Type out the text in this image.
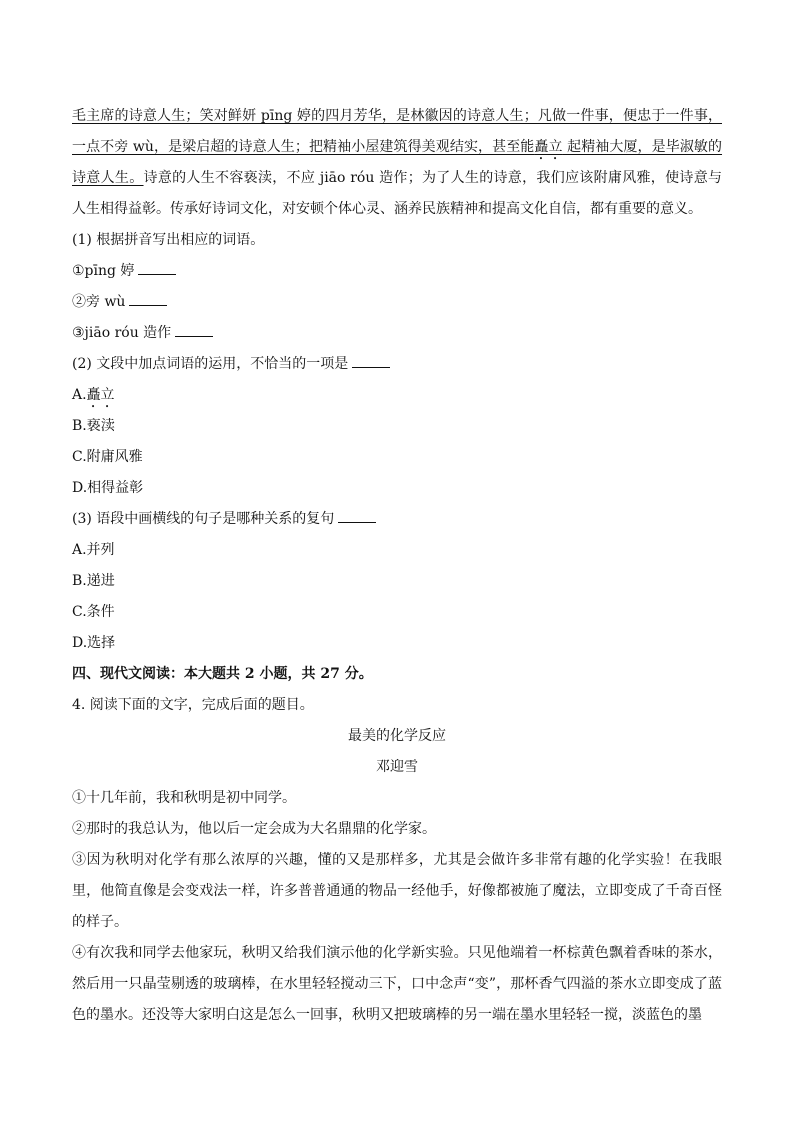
毛主席的诗意人生；笑对鲜妍 pīng 婷的四月芳华，是林徽因的诗意人生；凡做一件事，便忠于一件事，一点不旁 wù，是梁启超的诗意人生；把精袖小屋建筑得美观结实，甚至能矗立 起精袖大厦，是毕淑敏的诗意人生。诗意的人生不容亵渎，不应 jiāo róu 造作；为了人生的诗意，我们应该附庸风雅，使诗意与人生相得益彰。传承好诗词文化，对安顿个体心灵、涵养民族精神和提高文化自信，都有重要的意义。

(1) 根据拼音写出相应的词语。

①pīng 婷

②旁 wù

③jiāo róu 造作

(2) 文段中加点词语的运用，不恰当的一项是

A.矗立

B.亵渎

C.附庸风雅

D.相得益彰

(3) 语段中画横线的句子是哪种关系的复句

A.并列

B.递进

C.条件

D.选择

四、现代文阅读：本大题共 2 小题，共 27 分。

4. 阅读下面的文字，完成后面的题目。

最美的化学反应

邓迎雪

①十几年前，我和秋明是初中同学。

②那时的我总认为，他以后一定会成为大名鼎鼎的化学家。

③因为秋明对化学有那么浓厚的兴趣，懂的又是那样多，尤其是会做许多非常有趣的化学实验！在我眼里，他简直像是会变戏法一样，许多普普通通的物品一经他手，好像都被施了魔法，立即变成了千奇百怪的样子。

④有次我和同学去他家玩，秋明又给我们演示他的化学新实验。只见他端着一杯棕黄色飘着香味的茶水，然后用一只晶莹剔透的玻璃棒，在水里轻轻搅动三下，口中念声“变”，那杯香气四溢的茶水立即变成了蓝色的墨水。还没等大家明白这是怎么一回事，秋明又把玻璃棒的另一端在墨水里轻轻一搅，淡蓝色的墨
